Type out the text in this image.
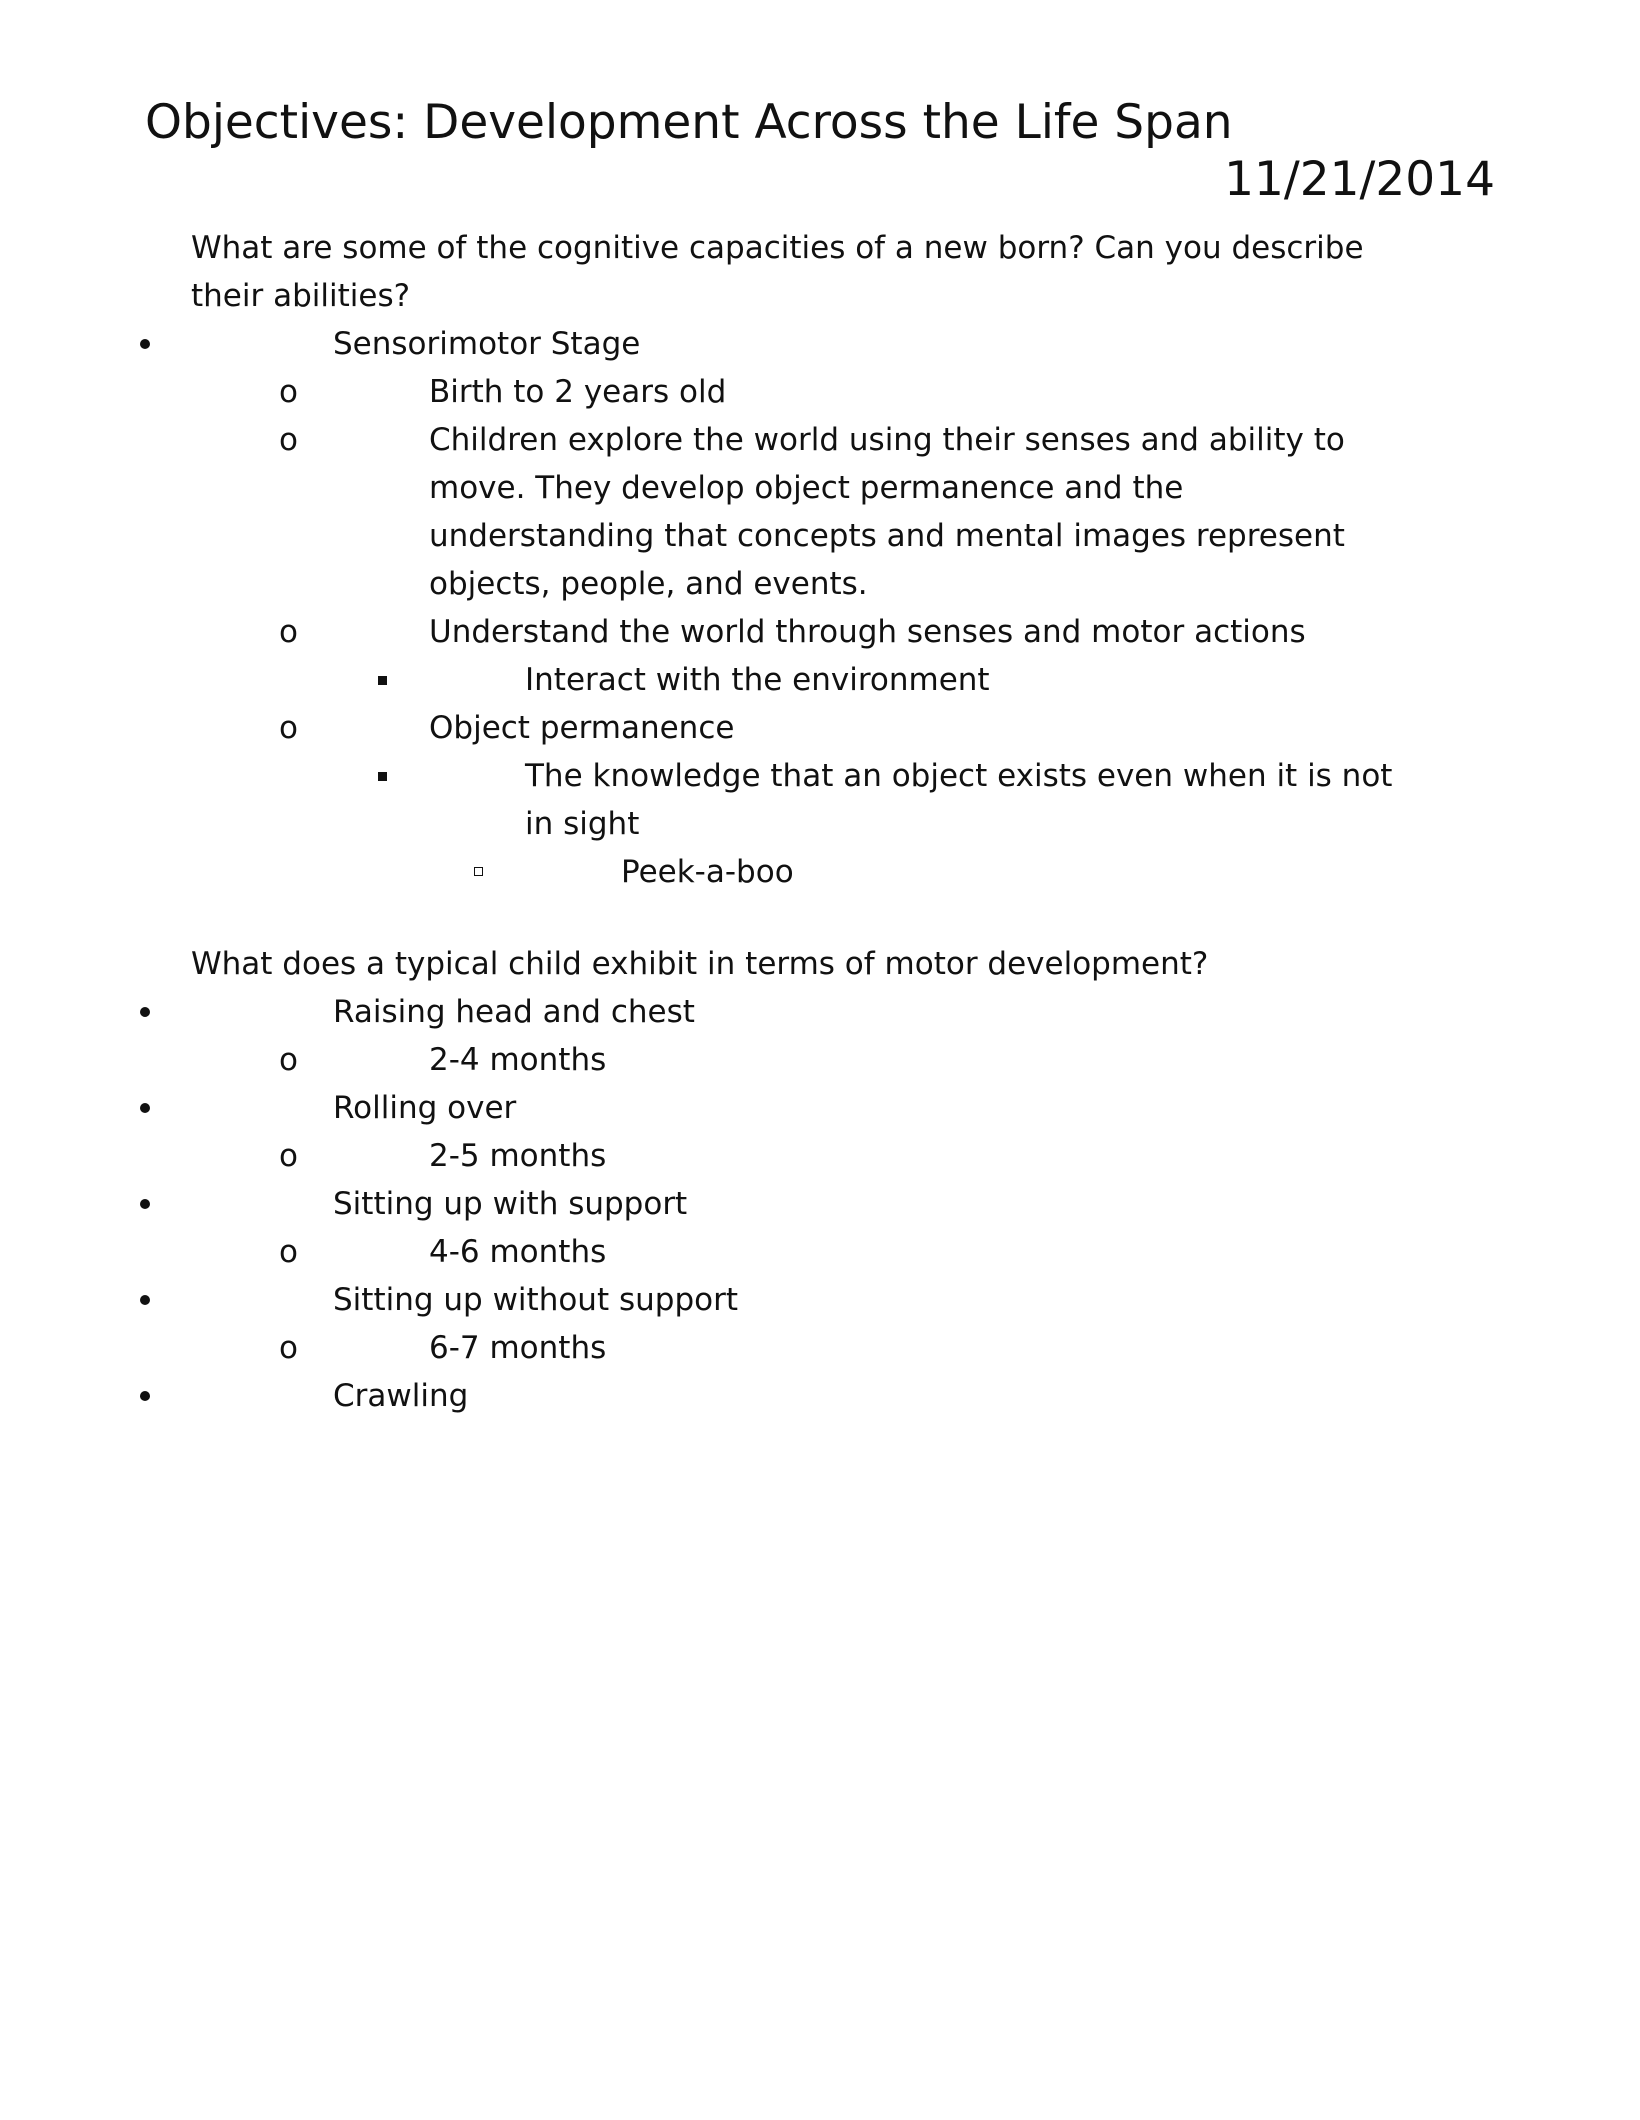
Objectives: Development Across the Life Span
11/21/2014

What are some of the cognitive capacities of a new born? Can you describe their abilities?

Sensorimotor Stage
o	Birth to 2 years old
o	Children explore the world using their senses and ability to move. They develop object permanence and the understanding that concepts and mental images represent objects, people, and events.
o	Understand the world through senses and motor actions
Interact with the environment
o	Object permanence
The knowledge that an object exists even when it is not in sight
Peek-a-boo

What does a typical child exhibit in terms of motor development?

Raising head and chest
o	2-4 months
Rolling over
o	2-5 months
Sitting up with support
o	4-6 months
Sitting up without support
o	6-7 months
Crawling
